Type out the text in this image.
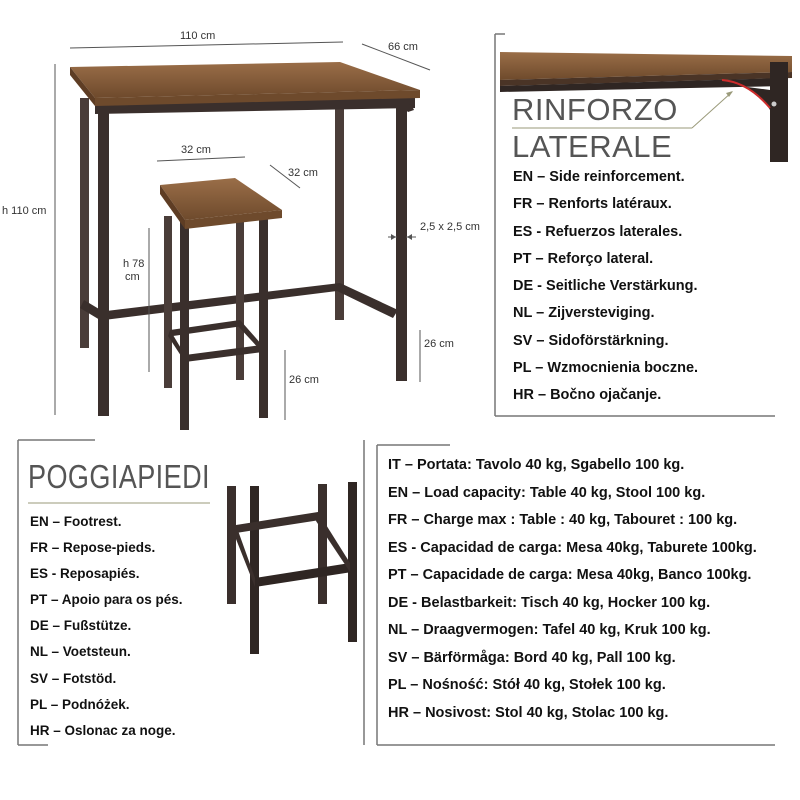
110 cm
66 cm
h 110 cm
32 cm
32 cm
h 78
cm
2,5 x 2,5 cm
26 cm
26 cm
RINFORZO
LATERALE
EN – Side reinforcement.
FR – Renforts latéraux.
ES - Refuerzos laterales.
PT – Reforço lateral.
DE - Seitliche Verstärkung.
NL – Zijversteviging.
SV – Sidoförstärkning.
PL – Wzmocnienia boczne.
HR – Bočno ojačanje.
POGGIAPIEDI
EN – Footrest.
FR – Repose-pieds.
ES - Reposapiés.
PT – Apoio para os pés.
DE – Fußstütze.
NL – Voetsteun.
SV – Fotstöd.
PL – Podnóżek.
HR – Oslonac za noge.
IT – Portata: Tavolo 40 kg, Sgabello 100 kg.
EN – Load capacity: Table 40 kg, Stool 100 kg.
FR – Charge max : Table : 40 kg, Tabouret : 100 kg.
ES - Capacidad de carga: Mesa 40kg, Taburete 100kg.
PT – Capacidade de carga: Mesa 40kg, Banco 100kg.
DE - Belastbarkeit: Tisch 40 kg, Hocker 100 kg.
NL – Draagvermogen: Tafel 40 kg, Kruk 100 kg.
SV – Bärförmåga: Bord 40 kg, Pall 100 kg.
PL – Nośność: Stół 40 kg, Stołek 100 kg.
HR – Nosivost: Stol 40 kg, Stolac 100 kg.
